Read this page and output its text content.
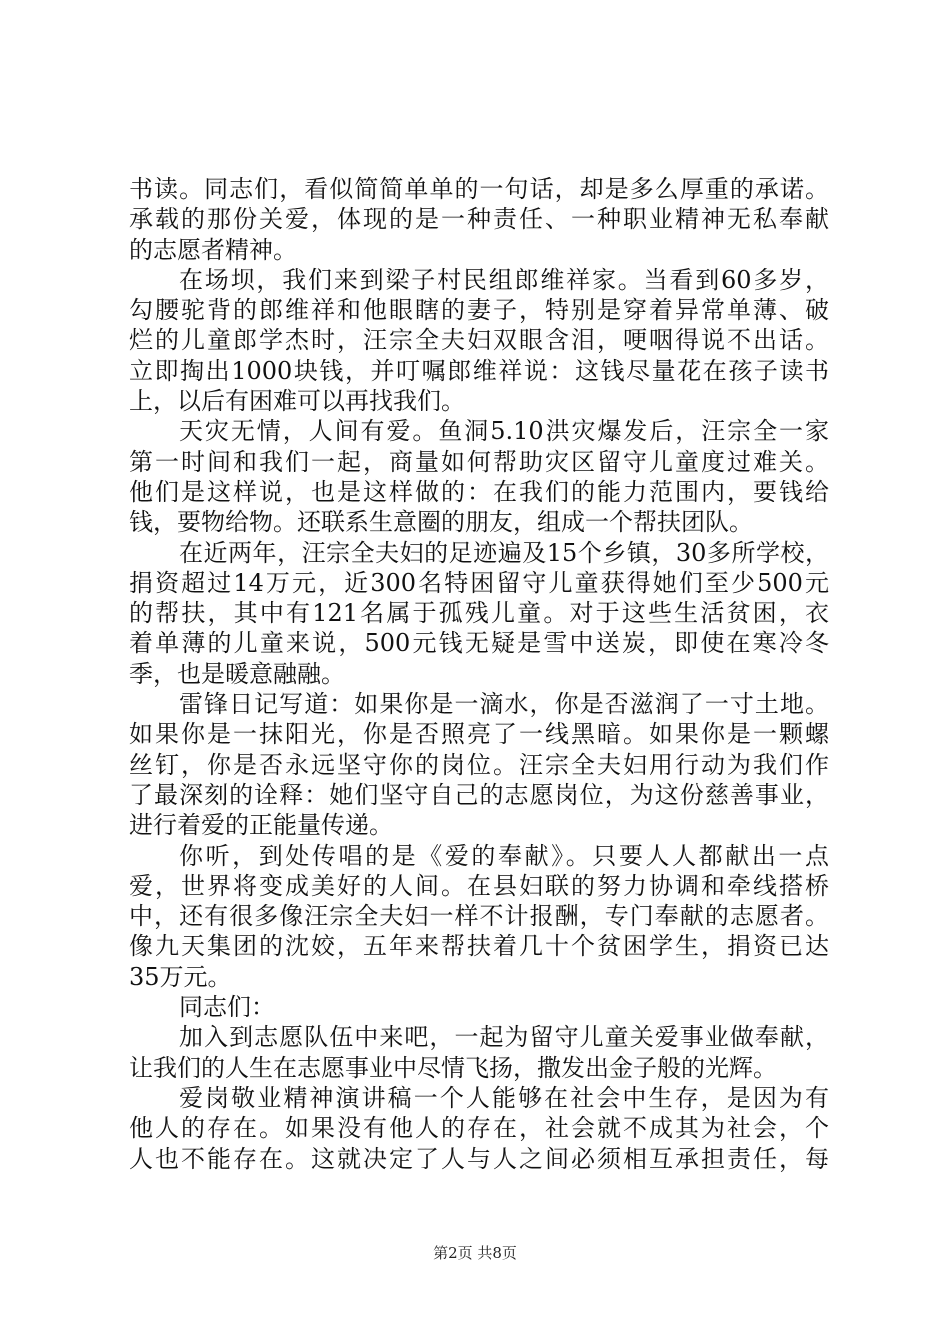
书读。同志们，看似简简单单的一句话，却是多么厚重的承诺。
承载的那份关爱，体现的是一种责任、一种职业精神无私奉献
的志愿者精神。
在场坝，我们来到梁子村民组郎维祥家。当看到60多岁，
勾腰驼背的郎维祥和他眼瞎的妻子，特别是穿着异常单薄、破
烂的儿童郎学杰时，汪宗全夫妇双眼含泪，哽咽得说不出话。
立即掏出1000块钱，并叮嘱郎维祥说：这钱尽量花在孩子读书
上，以后有困难可以再找我们。
天灾无情，人间有爱。鱼洞5.10洪灾爆发后，汪宗全一家
第一时间和我们一起，商量如何帮助灾区留守儿童度过难关。
他们是这样说，也是这样做的：在我们的能力范围内，要钱给
钱，要物给物。还联系生意圈的朋友，组成一个帮扶团队。
在近两年，汪宗全夫妇的足迹遍及15个乡镇，30多所学校，
捐资超过14万元，近300名特困留守儿童获得她们至少500元
的帮扶，其中有121名属于孤残儿童。对于这些生活贫困，衣
着单薄的儿童来说，500元钱无疑是雪中送炭，即使在寒冷冬
季，也是暖意融融。
雷锋日记写道：如果你是一滴水，你是否滋润了一寸土地。
如果你是一抹阳光，你是否照亮了一线黑暗。如果你是一颗螺
丝钉，你是否永远坚守你的岗位。汪宗全夫妇用行动为我们作
了最深刻的诠释：她们坚守自己的志愿岗位，为这份慈善事业，
进行着爱的正能量传递。
你听，到处传唱的是《爱的奉献》。只要人人都献出一点
爱，世界将变成美好的人间。在县妇联的努力协调和牵线搭桥
中，还有很多像汪宗全夫妇一样不计报酬，专门奉献的志愿者。
像九天集团的沈姣，五年来帮扶着几十个贫困学生，捐资已达
35万元。
同志们：
加入到志愿队伍中来吧，一起为留守儿童关爱事业做奉献，
让我们的人生在志愿事业中尽情飞扬，撒发出金子般的光辉。
爱岗敬业精神演讲稿一个人能够在社会中生存，是因为有
他人的存在。如果没有他人的存在，社会就不成其为社会，个
人也不能存在。这就决定了人与人之间必须相互承担责任，每
第2页 共8页
